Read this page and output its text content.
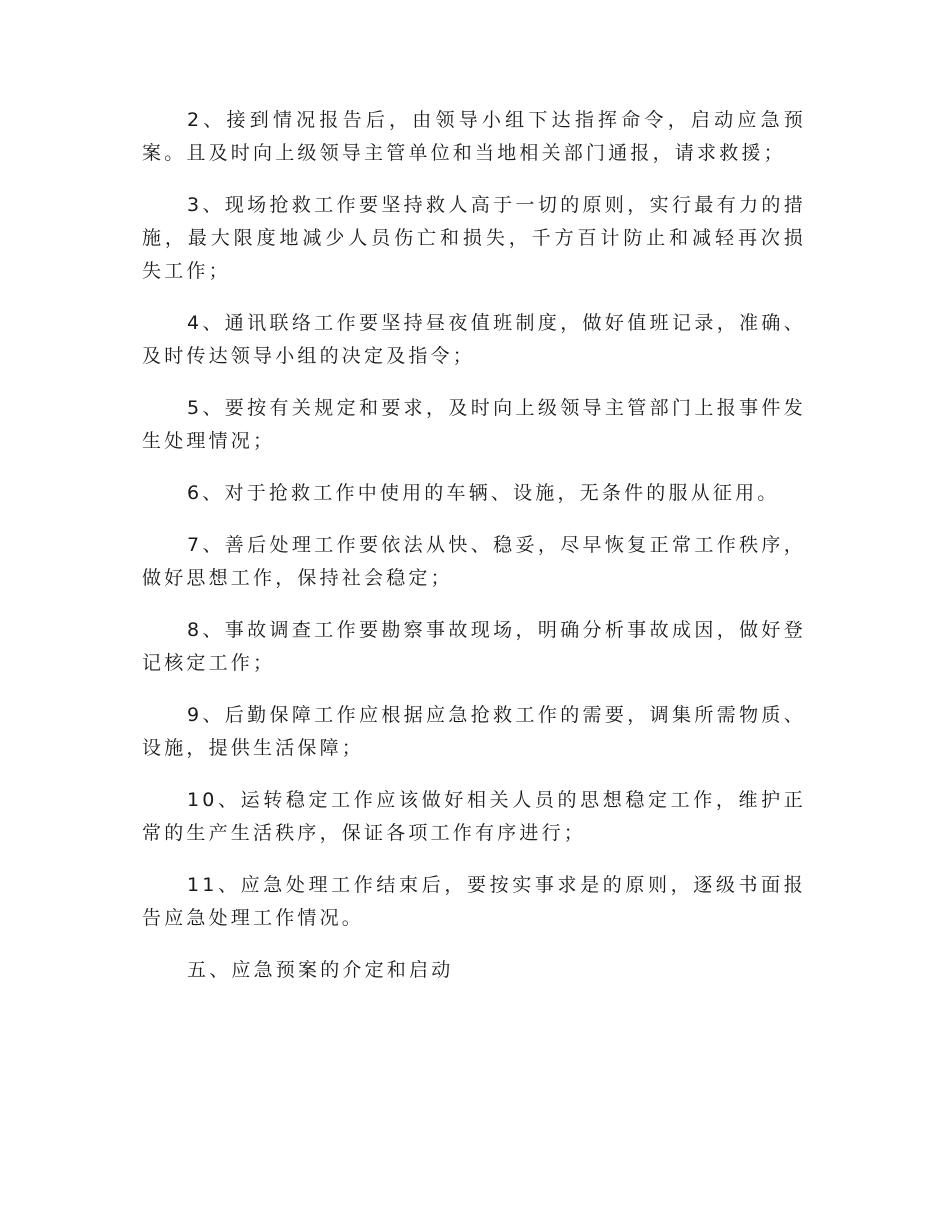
2、接到情况报告后，由领导小组下达指挥命令，启动应急预案。且及时向上级领导主管单位和当地相关部门通报，请求救援；

3、现场抢救工作要坚持救人高于一切的原则，实行最有力的措施，最大限度地减少人员伤亡和损失，千方百计防止和减轻再次损失工作；

4、通讯联络工作要坚持昼夜值班制度，做好值班记录，准确、及时传达领导小组的决定及指令；

5、要按有关规定和要求，及时向上级领导主管部门上报事件发生处理情况；

6、对于抢救工作中使用的车辆、设施，无条件的服从征用。

7、善后处理工作要依法从快、稳妥，尽早恢复正常工作秩序，做好思想工作，保持社会稳定；

8、事故调查工作要勘察事故现场，明确分析事故成因，做好登记核定工作；

9、后勤保障工作应根据应急抢救工作的需要，调集所需物质、设施，提供生活保障；

10、运转稳定工作应该做好相关人员的思想稳定工作，维护正常的生产生活秩序，保证各项工作有序进行；

11、应急处理工作结束后，要按实事求是的原则，逐级书面报告应急处理工作情况。

五、应急预案的介定和启动
